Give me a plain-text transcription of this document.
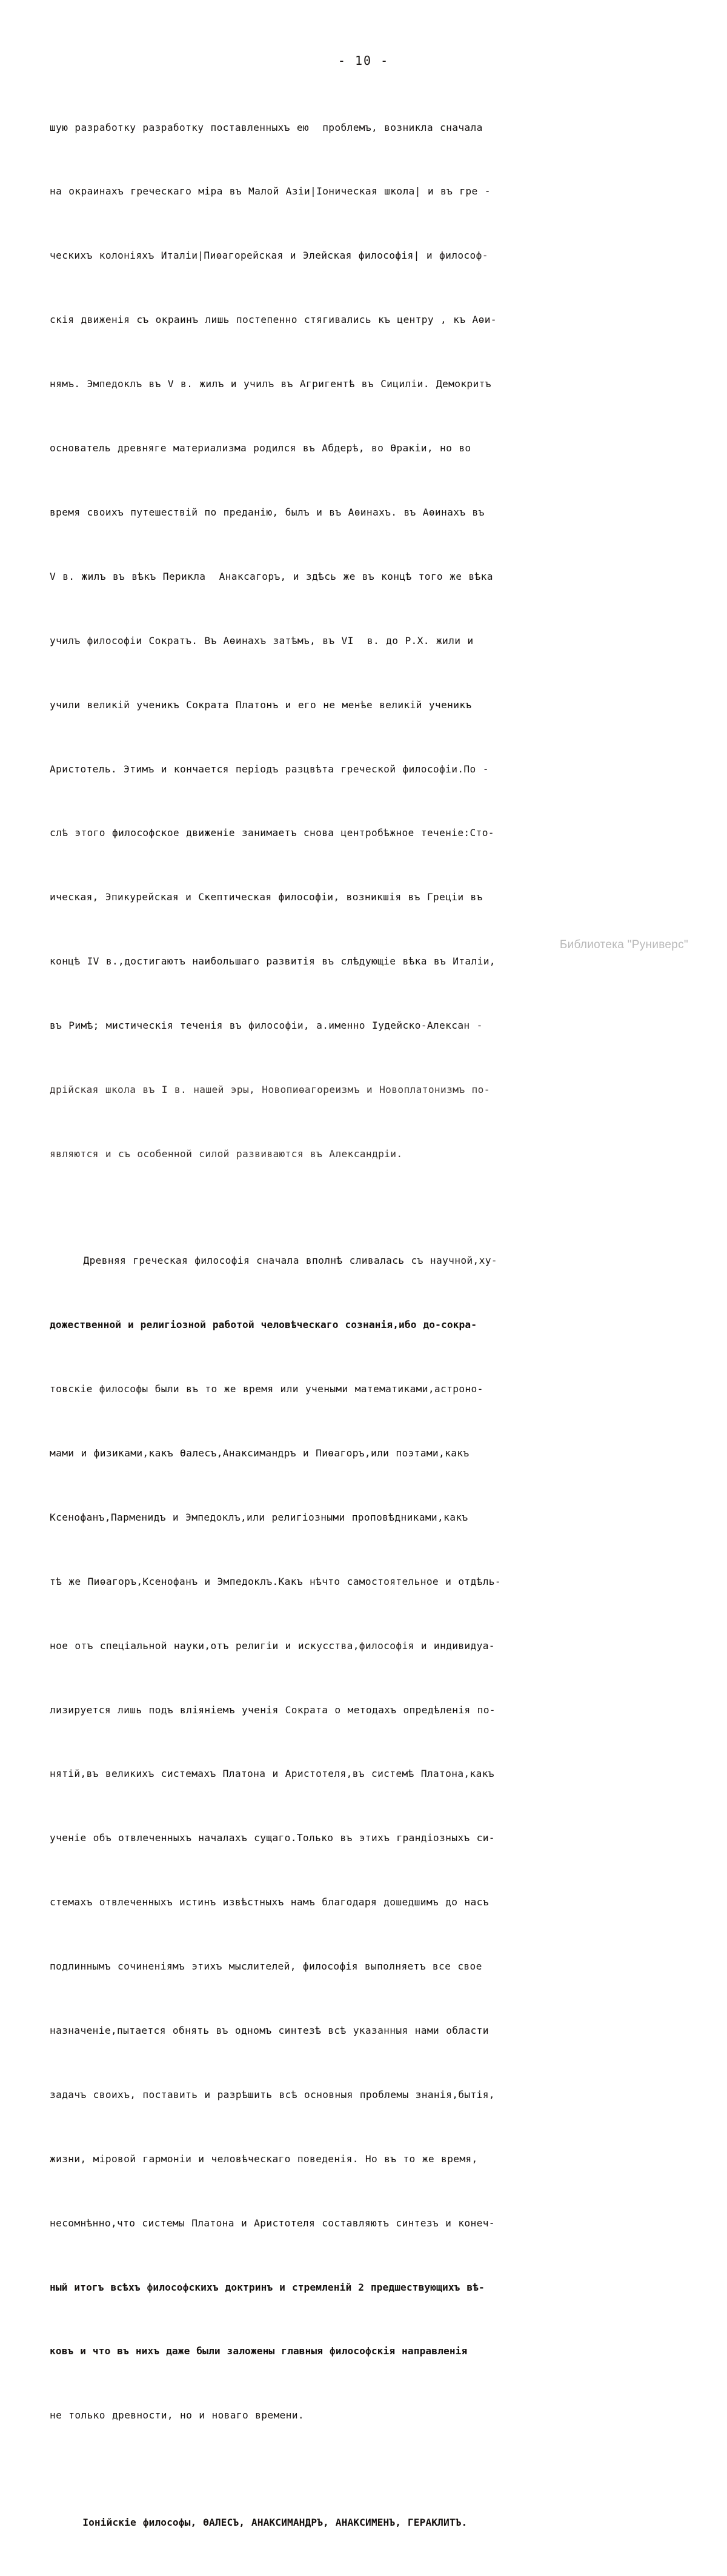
- 10 -

шую разработку разработку поставленныхъ ею  проблемъ, возникла сначала

на окраинахъ греческаго міра въ Малой Азіи|Іоническая школа| и въ гре -

ческихъ колоніяхъ Италіи|Пиөагорейская и Элейская философія| и философ-

скія движенія съ окраинъ лишь постепенно стягивались къ центру , къ Аөи-

нямъ. Эмпедоклъ въ V в. жилъ и училъ въ Агригентѣ въ Сициліи. Демокритъ

основатель древняге материализма родился въ Абдерѣ, во Өракіи, но во

время своихъ путешествій по преданію, былъ и въ Аөинахъ. въ Аөинахъ въ

V в. жилъ въ вѣкъ Перикла  Анаксагоръ, и здѣсь же въ концѣ того же вѣка

училъ философіи Сократъ. Въ Аөинахъ затѣмъ, въ VI  в. до Р.Х. жили и

учили великій ученикъ Сократа Платонъ и его не менѣе великій ученикъ

Аристотель. Этимъ и кончается періодъ разцвѣта греческой философіи.По -

слѣ этого философское движеніе занимаетъ снова центробѣжное теченіе:Сто-

ическая, Эпикурейская и Скептическая философіи, возникшія въ Греціи въ

концѣ IV в.,достигаютъ наибольшаго развитія въ слѣдующіе вѣка въ Италіи,

въ Римѣ; мистическія теченія въ философіи, а.именно Іудейско-Алексан -

дрійская школа въ I в. нашей эры, Новопиөагореизмъ и Новоплатонизмъ по-

являются и съ особенной силой развиваются въ Александріи.

Древняя греческая философія сначала вполнѣ сливалась съ научной,ху-

дожественной и религіозной работой человѣческаго сознанія,ибо до-сокра-

товскіе философы были въ то же время или учеными математиками,астроно-

мами и физиками,какъ Өалесъ,Анаксимандръ и Пиөагоръ,или поэтами,какъ

Ксенофанъ,Парменидъ и Эмпедоклъ,или религіозными проповѣдниками,какъ

тѣ же Пиөагоръ,Ксенофанъ и Эмпедоклъ.Какъ нѣчто самостоятельное и отдѣль-

ное отъ спеціальной науки,отъ религіи и искусства,философія и индивидуа-

лизируется лишь подъ вліяніемъ ученія Сократа о методахъ опредѣленія по-

нятій,въ великихъ системахъ Платона и Аристотеля,въ системѣ Платона,какъ

ученіе объ отвлеченныхъ началахъ сущаго.Только въ этихъ грандіозныхъ си-

стемахъ отвлеченныхъ истинъ извѣстныхъ намъ благодаря дошедшимъ до насъ

подлиннымъ сочиненіямъ этихъ мыслителей, философія выполняетъ все свое

назначеніе,пытается обнять въ одномъ синтезѣ всѣ указанныя нами области

задачъ своихъ, поставить и разрѣшить всѣ основныя проблемы знанія,бытія,

жизни, міровой гармоніи и человѣческаго поведенія. Но въ то же время,

несомнѣнно,что системы Платона и Аристотеля составляютъ синтезъ и конеч-

ный итогъ всѣхъ философскихъ доктринъ и стремленій 2 предшествующихъ вѣ-

ковъ и что въ нихъ даже были заложены главныя философскія направленія

не только древности, но и новаго времени.

Іонійскіе философы, ӨАЛЕСЪ, АНАКСИМАНДРЪ, АНАКСИМЕНЪ, ГЕРАКЛИТЪ.

Библиотека "Руниверс"
